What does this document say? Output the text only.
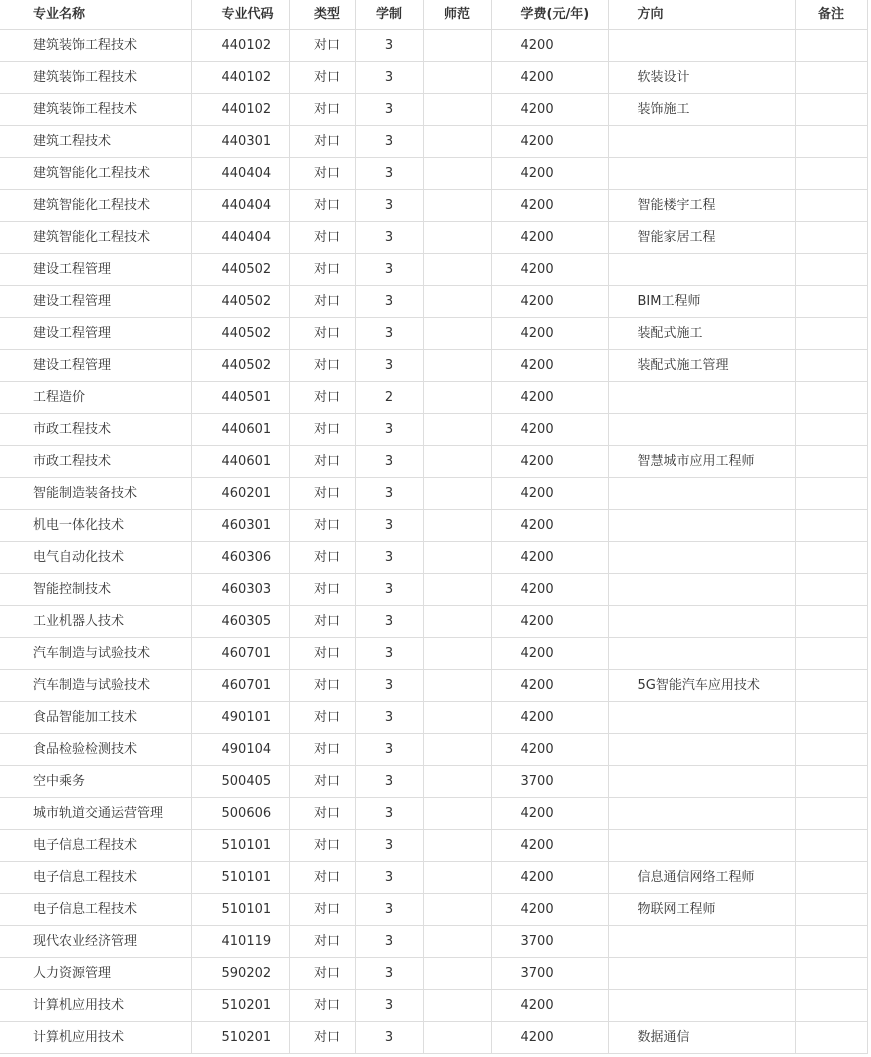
专业名称	专业代码	类型	学制	师范	学费(元/年)	方向	备注
建筑装饰工程技术	440102	对口	3		4200		
建筑装饰工程技术	440102	对口	3		4200	软装设计	
建筑装饰工程技术	440102	对口	3		4200	装饰施工	
建筑工程技术	440301	对口	3		4200		
建筑智能化工程技术	440404	对口	3		4200		
建筑智能化工程技术	440404	对口	3		4200	智能楼宇工程	
建筑智能化工程技术	440404	对口	3		4200	智能家居工程	
建设工程管理	440502	对口	3		4200		
建设工程管理	440502	对口	3		4200	BIM工程师	
建设工程管理	440502	对口	3		4200	装配式施工	
建设工程管理	440502	对口	3		4200	装配式施工管理	
工程造价	440501	对口	2		4200		
市政工程技术	440601	对口	3		4200		
市政工程技术	440601	对口	3		4200	智慧城市应用工程师	
智能制造装备技术	460201	对口	3		4200		
机电一体化技术	460301	对口	3		4200		
电气自动化技术	460306	对口	3		4200		
智能控制技术	460303	对口	3		4200		
工业机器人技术	460305	对口	3		4200		
汽车制造与试验技术	460701	对口	3		4200		
汽车制造与试验技术	460701	对口	3		4200	5G智能汽车应用技术	
食品智能加工技术	490101	对口	3		4200		
食品检验检测技术	490104	对口	3		4200		
空中乘务	500405	对口	3		3700		
城市轨道交通运营管理	500606	对口	3		4200		
电子信息工程技术	510101	对口	3		4200		
电子信息工程技术	510101	对口	3		4200	信息通信网络工程师	
电子信息工程技术	510101	对口	3		4200	物联网工程师	
现代农业经济管理	410119	对口	3		3700		
人力资源管理	590202	对口	3		3700		
计算机应用技术	510201	对口	3		4200		
计算机应用技术	510201	对口	3		4200	数据通信	
